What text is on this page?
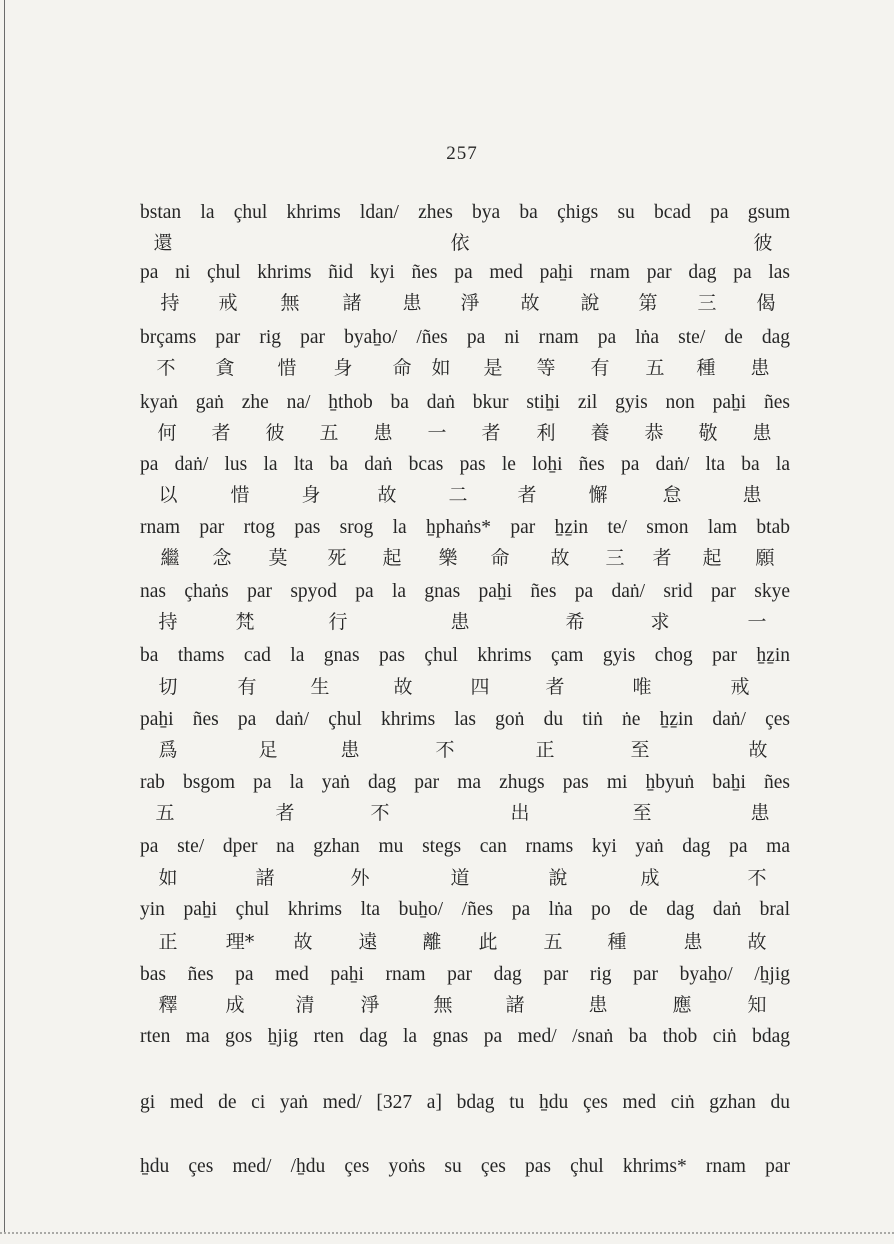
257
bstan la çhul khrims ldan/ zhes bya ba çhigs su bcad pa gsum
還	依	彼
pa ni çhul khrims ñid kyi ñes pa med paẖi rnam par dag pa las
持 戒 無 諸 患 淨 故 說 第 三 偈
brçams par rig par byaẖo/ /ñes pa ni rnam pa lṅa ste/ de dag
不 貪 惜 身 命 如 是 等 有 五 種 患
kyaṅ gaṅ zhe na/ ẖthob ba daṅ bkur stiẖi zil gyis non paẖi ñes
何 者 彼 五 患 一 者 利 養 恭 敬 患
pa daṅ/ lus la lta ba daṅ bcas pas le loẖi ñes pa daṅ/ lta ba la
以	惜	身	故	二	者	懈	怠	患
rnam par rtog pas srog la ẖphaṅs* par ẖẕin te/ smon lam btab
繼 念 莫 死 起 樂 命 故 三 者 起 願
nas çhaṅs par spyod pa la gnas paẖi ñes pa daṅ/ srid par skye
持	梵	行	患	希	求	一
ba thams cad la gnas pas çhul khrims çam gyis chog par ẖẕin
切	有	生	故	四	者	唯	戒
paẖi ñes pa daṅ/ çhul khrims las goṅ du tiṅ ṅe ẖẕin daṅ/ çes
爲	足	患	不	正	至	故
rab bsgom pa la yaṅ dag par ma zhugs pas mi ẖbyuṅ baẖi ñes
五	者	不	出	至	患
pa ste/ dper na gzhan mu stegs can rnams kyi yaṅ dag pa ma
如	諸	外	道	說	成	不
yin paẖi çhul khrims lta buẖo/ /ñes pa lṅa po de dag daṅ bral
正	理* 故 遠 離 此 五 種	患 故
bas ñes pa med paẖi rnam par dag par rig par byaẖo/ /ẖjig
釋	成	清 淨	無	諸	患	應	知
rten ma gos ẖjig rten dag la gnas pa med/ /snaṅ ba thob ciṅ bdag
gi med de ci yaṅ med/ [327 a] bdag tu ẖdu çes med ciṅ gzhan du
ẖdu çes med/ /ẖdu çes yoṅs su çes pas çhul khrims* rnam par
